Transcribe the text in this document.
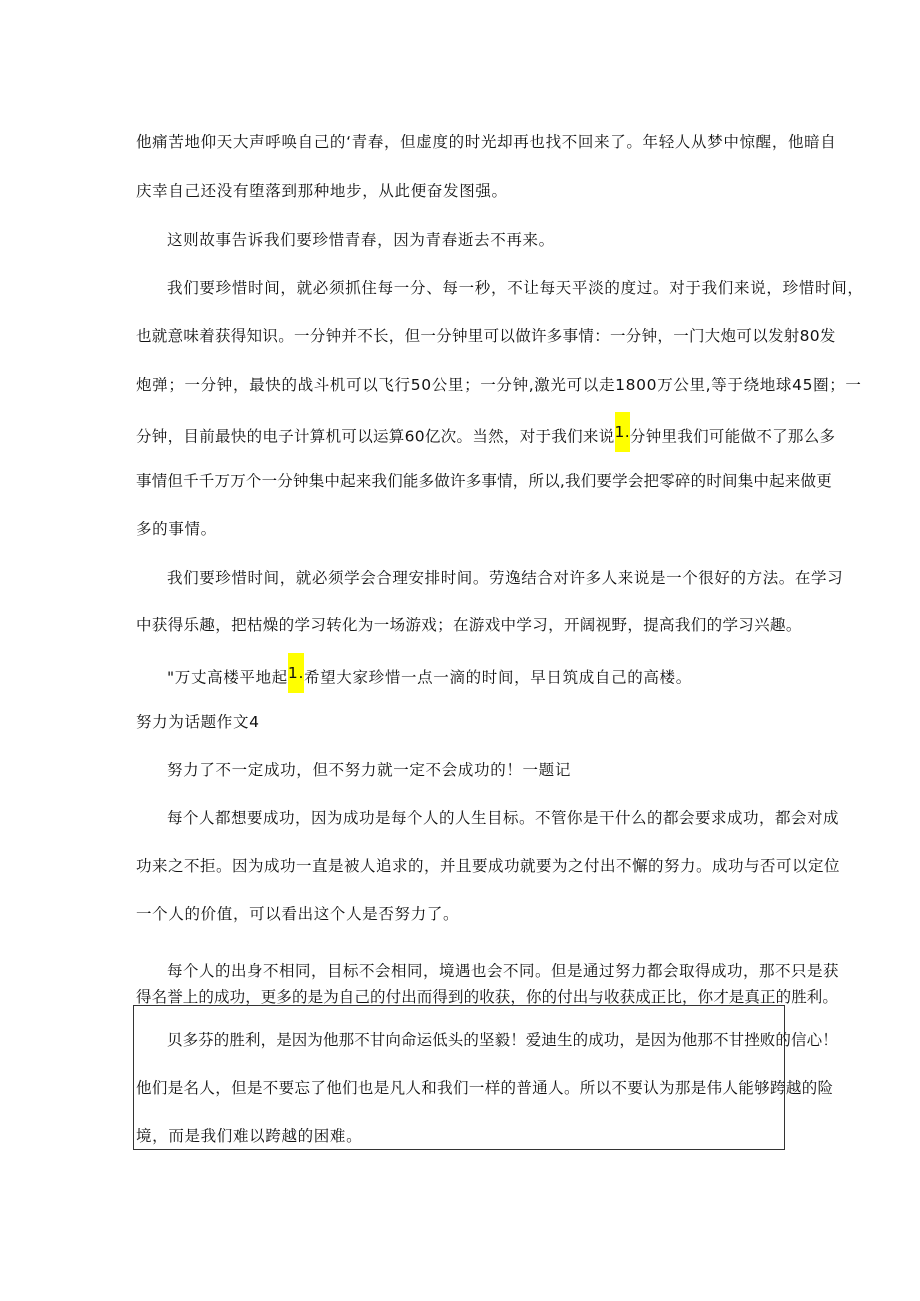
他痛苦地仰天大声呼唤自己的‘青春，但虚度的时光却再也找不回来了。年轻人从梦中惊醒，他暗自
庆幸自己还没有堕落到那种地步，从此便奋发图强。
这则故事告诉我们要珍惜青春，因为青春逝去不再来。
我们要珍惜时间，就必须抓住每一分、每一秒，不让每天平淡的度过。对于我们来说，珍惜时间，
也就意味着获得知识。一分钟并不长，但一分钟里可以做许多事情：一分钟，一门大炮可以发射80发
炮弹；一分钟，最快的战斗机可以飞行50公里；一分钟,激光可以走1800万公里,等于绕地球45圈；一
分钟，目前最快的电子计算机可以运算60亿次。当然，对于我们来说1.分钟里我们可能做不了那么多
事情但千千万万个一分钟集中起来我们能多做许多事情，所以,我们要学会把零碎的时间集中起来做更
多的事情。
我们要珍惜时间，就必须学会合理安排时间。劳逸结合对许多人来说是一个很好的方法。在学习
中获得乐趣，把枯燥的学习转化为一场游戏；在游戏中学习，开阔视野，提高我们的学习兴趣。
"万丈高楼平地起1.希望大家珍惜一点一滴的时间，早日筑成自己的高楼。
努力为话题作文4
努力了不一定成功，但不努力就一定不会成功的！一题记
每个人都想要成功，因为成功是每个人的人生目标。不管你是干什么的都会要求成功，都会对成
功来之不拒。因为成功一直是被人追求的，并且要成功就要为之付出不懈的努力。成功与否可以定位
一个人的价值，可以看出这个人是否努力了。
每个人的出身不相同，目标不会相同，境遇也会不同。但是通过努力都会取得成功，那不只是获
得名誉上的成功，更多的是为自己的付出而得到的收获，你的付出与收获成正比，你才是真正的胜利。
贝多芬的胜利，是因为他那不甘向命运低头的坚毅！爱迪生的成功，是因为他那不甘挫败的信心！
他们是名人，但是不要忘了他们也是凡人和我们一样的普通人。所以不要认为那是伟人能够跨越的险
境，而是我们难以跨越的困难。
